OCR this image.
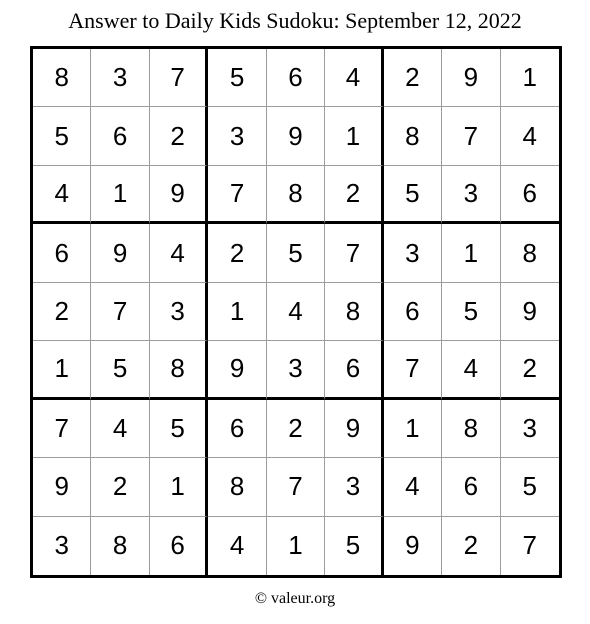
Answer to Daily Kids Sudoku: September 12, 2022
8	3	7	5	6	4	2	9	1
5	6	2	3	9	1	8	7	4
4	1	9	7	8	2	5	3	6
6	9	4	2	5	7	3	1	8
2	7	3	1	4	8	6	5	9
1	5	8	9	3	6	7	4	2
7	4	5	6	2	9	1	8	3
9	2	1	8	7	3	4	6	5
3	8	6	4	1	5	9	2	7
© valeur.org
